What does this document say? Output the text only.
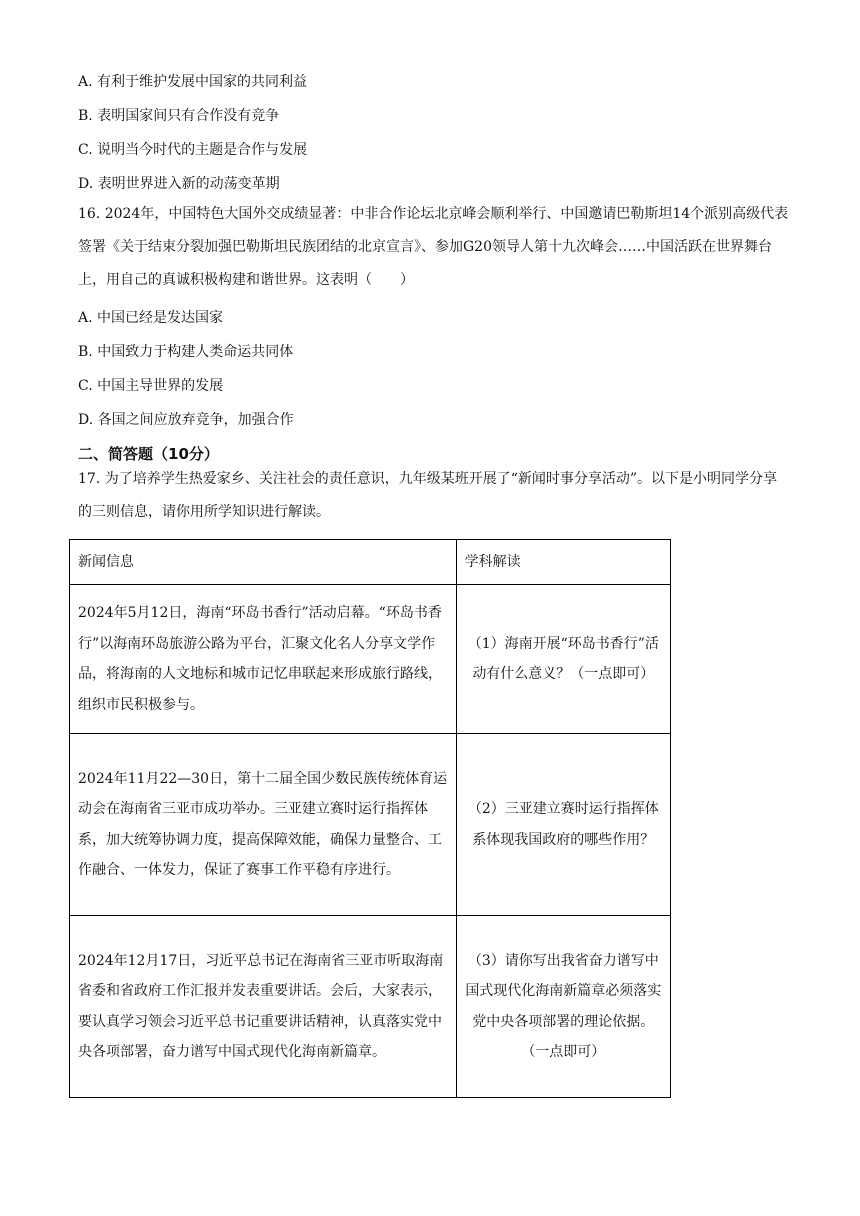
A. 有利于维护发展中国家的共同利益
B. 表明国家间只有合作没有竞争
C. 说明当今时代的主题是合作与发展
D. 表明世界进入新的动荡变革期
16. 2024年，中国特色大国外交成绩显著：中非合作论坛北京峰会顺利举行、中国邀请巴勒斯坦14个派别高级代表签署《关于结束分裂加强巴勒斯坦民族团结的北京宣言》、参加G20领导人第十九次峰会……中国活跃在世界舞台上，用自己的真诚积极构建和谐世界。这表明（　　）
A. 中国已经是发达国家
B. 中国致力于构建人类命运共同体
C. 中国主导世界的发展
D. 各国之间应放弃竞争，加强合作
二、简答题（10分）
17. 为了培养学生热爱家乡、关注社会的责任意识，九年级某班开展了“新闻时事分享活动”。以下是小明同学分享的三则信息，请你用所学知识进行解读。
新闻信息	学科解读
2024年5月12日，海南“环岛书香行”活动启幕。“环岛书香行”以海南环岛旅游公路为平台，汇聚文化名人分享文学作品，将海南的人文地标和城市记忆串联起来形成旅行路线，组织市民积极参与。	（1）海南开展“环岛书香行”活动有什么意义？（一点即可）
2024年11月22—30日，第十二届全国少数民族传统体育运动会在海南省三亚市成功举办。三亚建立赛时运行指挥体系，加大统筹协调力度，提高保障效能，确保力量整合、工作融合、一体发力，保证了赛事工作平稳有序进行。	（2）三亚建立赛时运行指挥体系体现我国政府的哪些作用？
2024年12月17日，习近平总书记在海南省三亚市听取海南省委和省政府工作汇报并发表重要讲话。会后，大家表示，要认真学习领会习近平总书记重要讲话精神，认真落实党中央各项部署，奋力谱写中国式现代化海南新篇章。	（3）请你写出我省奋力谱写中国式现代化海南新篇章必须落实党中央各项部署的理论依据。（一点即可）
